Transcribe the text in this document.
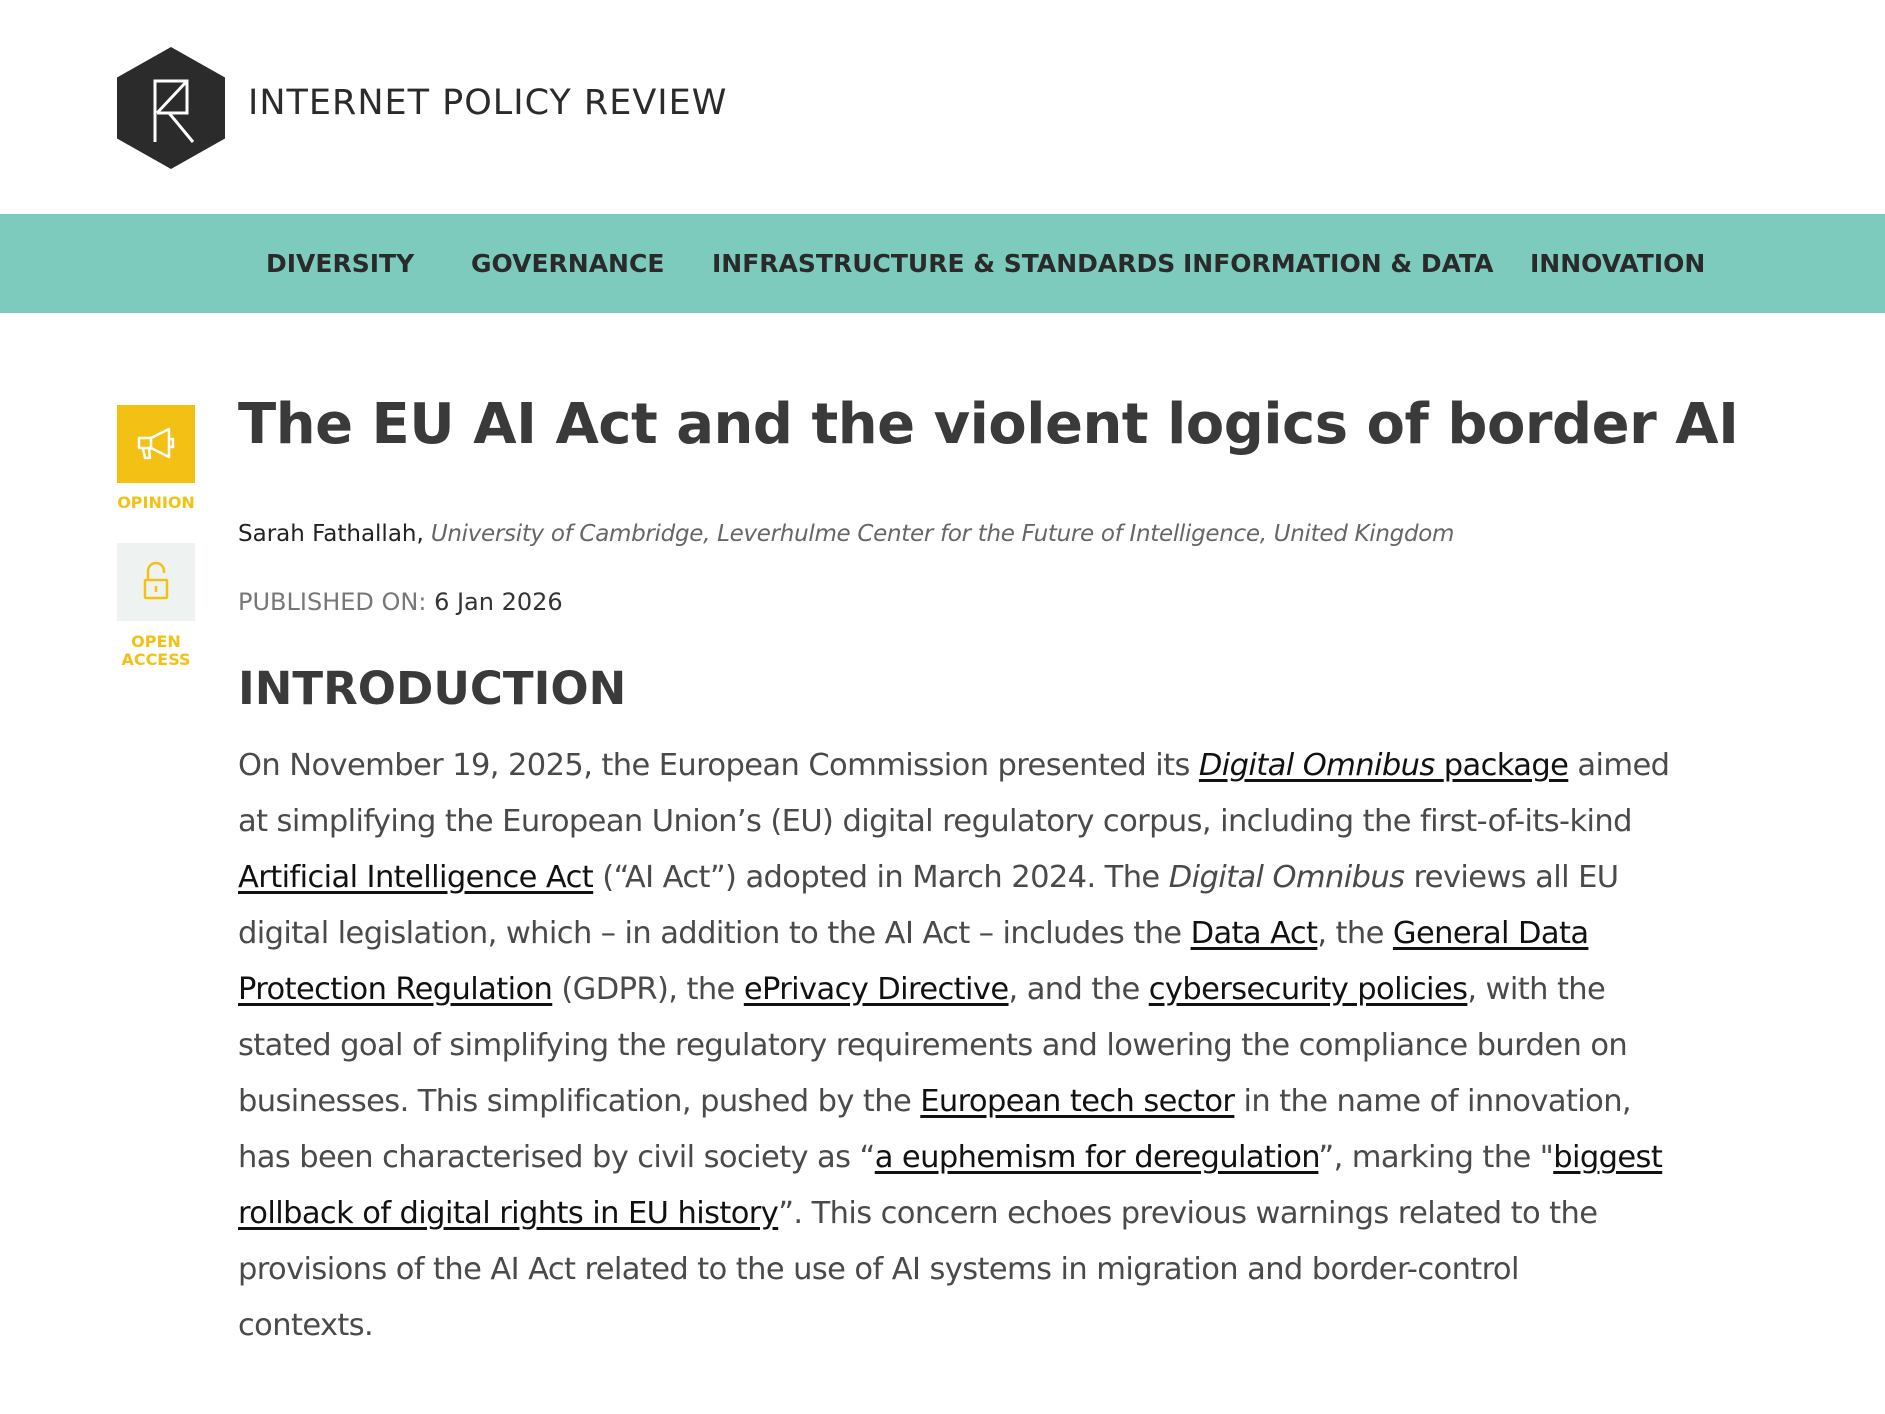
INTERNET POLICY REVIEW
DIVERSITY GOVERNANCE INFRASTRUCTURE & STANDARDS INFORMATION & DATA INNOVATION
OPINION
OPEN
ACCESS
The EU AI Act and the violent logics of border AI
Sarah Fathallah, University of Cambridge, Leverhulme Center for the Future of Intelligence, United Kingdom
PUBLISHED ON: 6 Jan 2026
INTRODUCTION
On November 19, 2025, the European Commission presented its Digital Omnibus package aimed
at simplifying the European Union’s (EU) digital regulatory corpus, including the first-of-its-kind
Artificial Intelligence Act (“AI Act”) adopted in March 2024. The Digital Omnibus reviews all EU
digital legislation, which – in addition to the AI Act – includes the Data Act, the General Data
Protection Regulation (GDPR), the ePrivacy Directive, and the cybersecurity policies, with the
stated goal of simplifying the regulatory requirements and lowering the compliance burden on
businesses. This simplification, pushed by the European tech sector in the name of innovation,
has been characterised by civil society as “a euphemism for deregulation”, marking the "biggest
rollback of digital rights in EU history”. This concern echoes previous warnings related to the
provisions of the AI Act related to the use of AI systems in migration and border-control
contexts.
